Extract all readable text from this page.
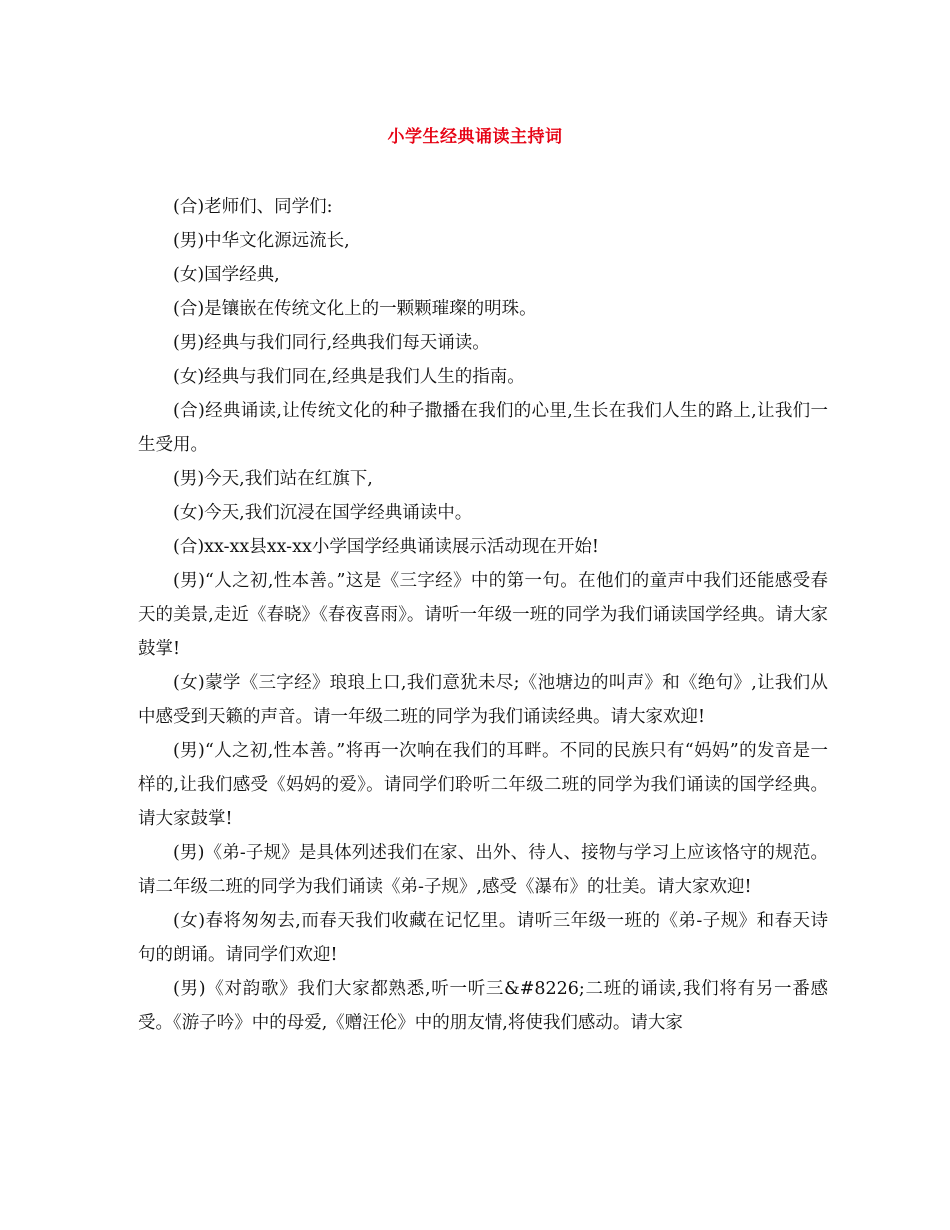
小学生经典诵读主持词

(合)老师们、同学们:

(男)中华文化源远流长,

(女)国学经典,

(合)是镶嵌在传统文化上的一颗颗璀璨的明珠。

(男)经典与我们同行,经典我们每天诵读。

(女)经典与我们同在,经典是我们人生的指南。

(合)经典诵读,让传统文化的种子撒播在我们的心里,生长在我们人生的路上,让我们一生受用。

(男)今天,我们站在红旗下,

(女)今天,我们沉浸在国学经典诵读中。

(合)xx-xx县xx-xx小学国学经典诵读展示活动现在开始!

(男)“人之初,性本善。”这是《三字经》中的第一句。在他们的童声中我们还能感受春天的美景,走近《春晓》《春夜喜雨》。请听一年级一班的同学为我们诵读国学经典。请大家鼓掌!

(女)蒙学《三字经》琅琅上口,我们意犹未尽;《池塘边的叫声》和《绝句》,让我们从中感受到天籁的声音。请一年级二班的同学为我们诵读经典。请大家欢迎!

(男)“人之初,性本善。”将再一次响在我们的耳畔。不同的民族只有“妈妈”的发音是一样的,让我们感受《妈妈的爱》。请同学们聆听二年级二班的同学为我们诵读的国学经典。请大家鼓掌!

(男)《弟-子规》是具体列述我们在家、出外、待人、接物与学习上应该恪守的规范。请二年级二班的同学为我们诵读《弟-子规》,感受《瀑布》的壮美。请大家欢迎!

(女)春将匆匆去,而春天我们收藏在记忆里。请听三年级一班的《弟-子规》和春天诗句的朗诵。请同学们欢迎!

(男)《对韵歌》我们大家都熟悉,听一听三&#8226;二班的诵读,我们将有另一番感受。《游子吟》中的母爱,《赠汪伦》中的朋友情,将使我们感动。请大家
